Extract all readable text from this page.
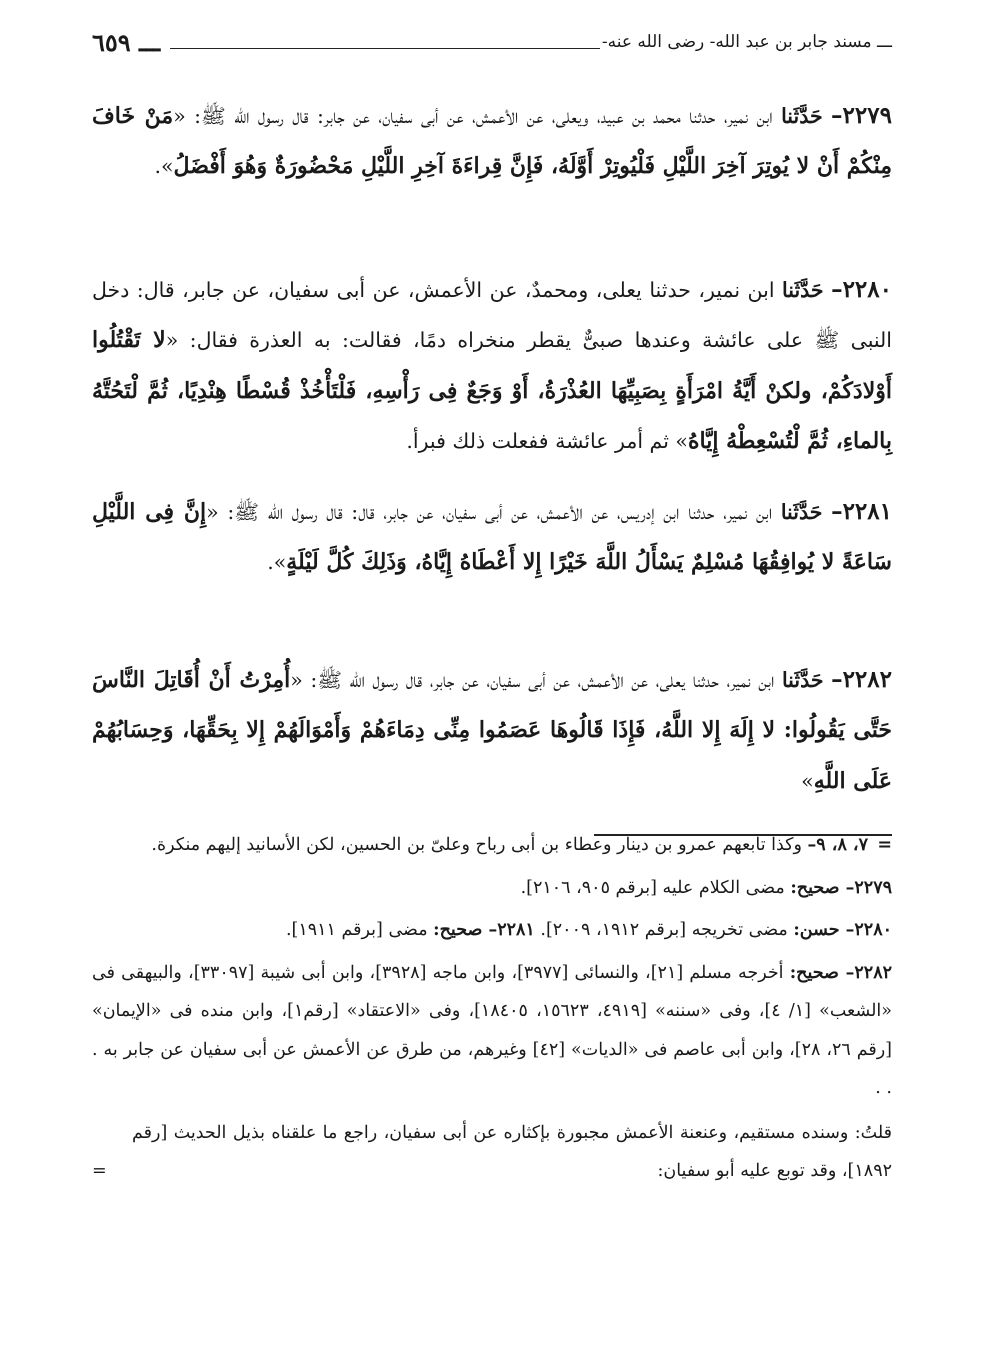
ـــ مسند جابر بن عبد الله- رضى الله عنه-
ـــ ٦٥٩

٢٢٧٩– حَدَّثَنا ابن نمير، حدثنا محمد بن عبيد، ويعلى، عن الأعمش، عن أبى سفيان، عن جابر: قال رسول الله ﷺ: «مَنْ خَافَ مِنْكُمْ أَنْ لا يُوتِرَ آخِرَ اللَّيْلِ فَلْيُوتِرْ أَوَّلَهُ، فَإِنَّ قِراءَةَ آخِرِ اللَّيْلِ مَحْضُورَةٌ وَهُوَ أَفْضَلُ».

٢٢٨٠– حَدَّثَنا ابن نمير، حدثنا يعلى، ومحمدٌ، عن الأعمش، عن أبى سفيان، عن جابر، قال: دخل النبى ﷺ على عائشة وعندها صبىٌّ يقطر منخراه دمًا، فقالت: به العذرة فقال: «لا تَقْتُلُوا أَوْلادَكُمْ، ولكنْ أَيَّةُ امْرَأَةٍ بِصَبِيِّهَا العُذْرَةُ، أَوْ وَجَعٌ فِى رَأْسِهِ، فَلْتَأْخُذْ قُسْطًا هِنْدِيًا، ثُمَّ لْتَحُتَّهُ بِالماءِ، ثُمَّ لْتُسْعِطْهُ إِيَّاهُ» ثم أمر عائشة ففعلت ذلك فبرأ.

٢٢٨١– حَدَّثَنا ابن نمير، حدثنا ابن إدريس، عن الأعمش، عن أبى سفيان، عن جابر، قال: قال رسول الله ﷺ: «إِنَّ فِى اللَّيْلِ سَاعَةً لا يُوافِقُهَا مُسْلِمٌ يَسْأَلُ اللَّهَ خَيْرًا إِلا أَعْطَاهُ إِيَّاهُ، وَذَلِكَ كُلَّ لَيْلَةٍ».

٢٢٨٢– حَدَّثَنا ابن نمير، حدثنا يعلى، عن الأعمش، عن أبى سفيان، عن جابر، قال رسول الله ﷺ: «أُمِرْتُ أَنْ أُقَاتِلَ النَّاسَ حَتَّى يَقُولُوا: لا إِلَهَ إِلا اللَّهُ، فَإِذَا قَالُوهَا عَصَمُوا مِنِّى دِمَاءَهُمْ وَأَمْوَالَهُمْ إِلا بِحَقِّهَا، وَحِسَابُهُمْ عَلَى اللَّهِ»

=
٧، ٨، ٩– وكذا تابعهم عمرو بن دينار وعطاء بن أبى رباح وعلىّ بن الحسين، لكن الأسانيد إليهم منكرة.

٢٢٧٩– صحيح: مضى الكلام عليه [برقم ٩٠٥، ٢١٠٦].

٢٢٨٠– حسن: مضى تخريجه [برقم ١٩١٢، ٢٠٠٩]. ٢٢٨١– صحيح: مضى [برقم ١٩١١].

٢٢٨٢– صحيح: أخرجه مسلم [٢١]، والنسائى [٣٩٧٧]، وابن ماجه [٣٩٢٨]، وابن أبى شيبة [٣٣٠٩٧]، والبيهقى فى «الشعب» [١/ ٤]، وفى «سننه» [٤٩١٩، ١٥٦٢٣، ١٨٤٠٥]، وفى «الاعتقاد» [رقم١]، وابن منده فى «الإيمان» [رقم ٢٦، ٢٨]، وابن أبى عاصم فى «الديات» [٤٢] وغيرهم، من طرق عن الأعمش عن أبى سفيان عن جابر به . . .

قلتُ: وسنده مستقيم، وعنعنة الأعمش مجبورة بإكثاره عن أبى سفيان، راجع ما علقناه بذيل الحديث [رقم ١٨٩٢]، وقد توبع عليه أبو سفيان:
=
